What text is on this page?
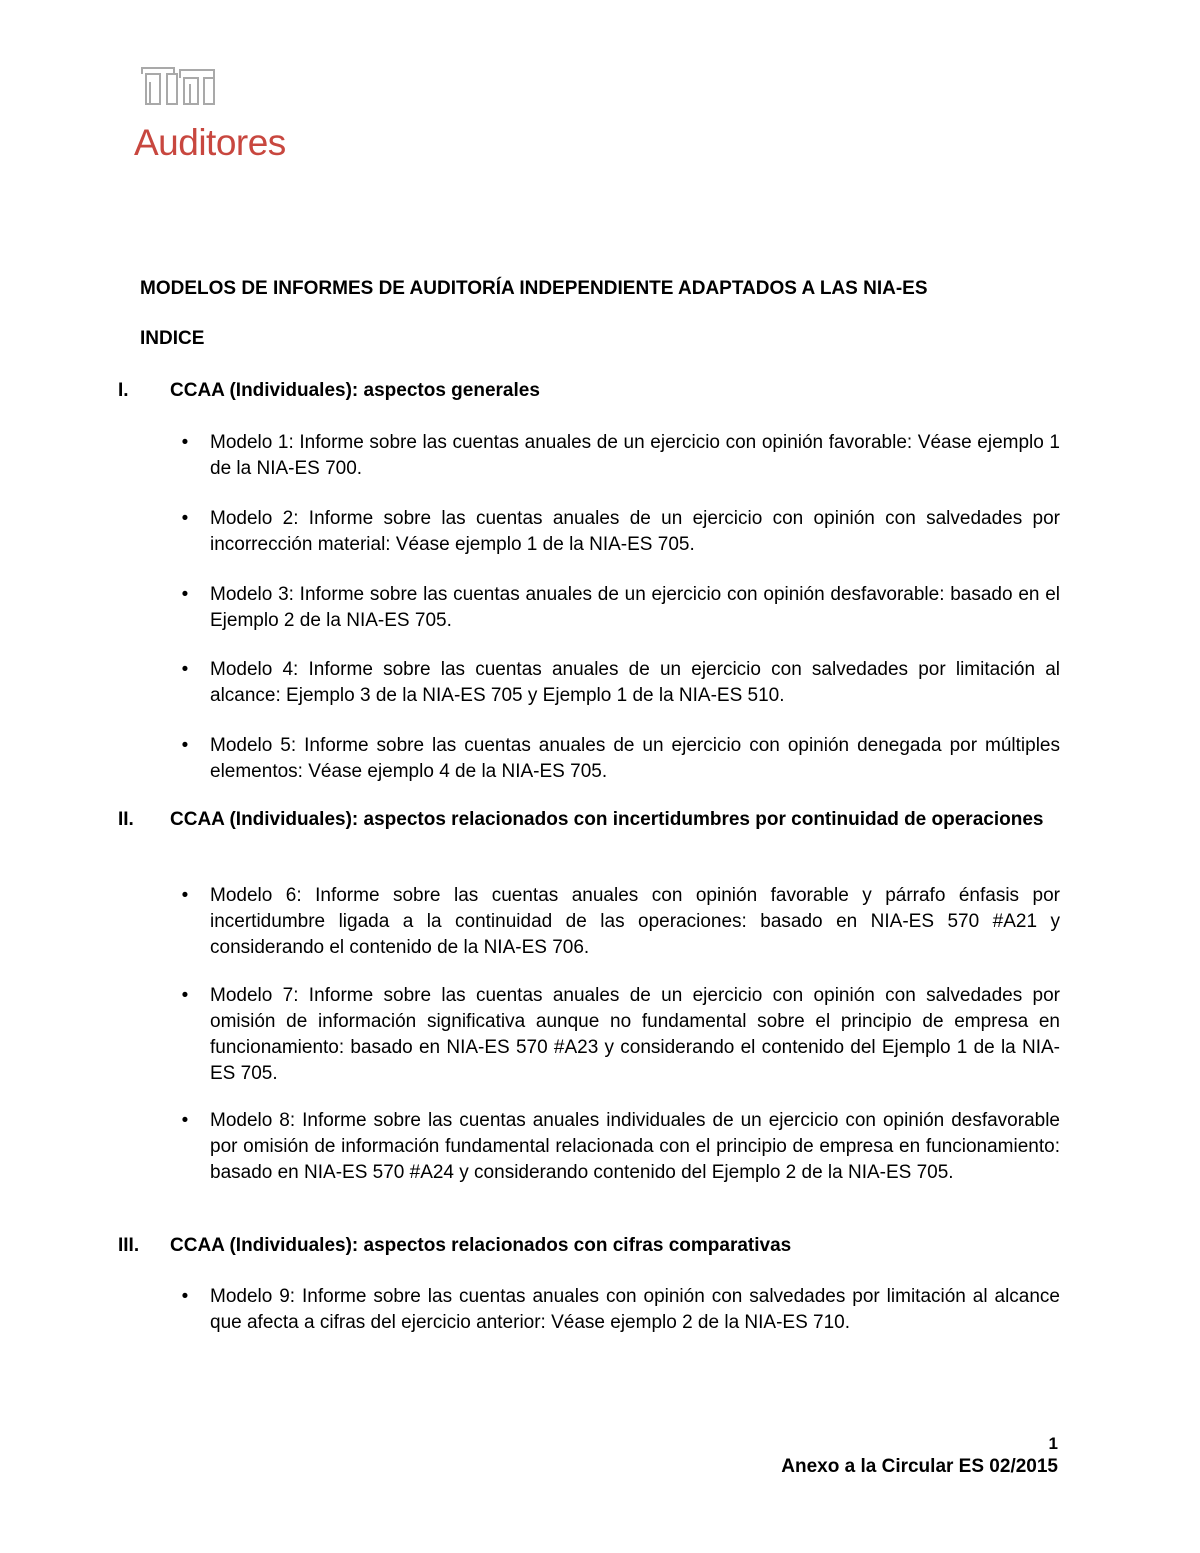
Auditores
MODELOS DE INFORMES DE AUDITORÍA INDEPENDIENTE ADAPTADOS A LAS NIA-ES
INDICE
I. CCAA (Individuales): aspectos generales
• Modelo 1: Informe sobre las cuentas anuales de un ejercicio con opinión favorable: Véase ejemplo 1 de la NIA-ES 700.
• Modelo 2: Informe sobre las cuentas anuales de un ejercicio con opinión con salvedades por incorrección material: Véase ejemplo 1 de la NIA-ES 705.
• Modelo 3: Informe sobre las cuentas anuales de un ejercicio con opinión desfavorable: basado en el Ejemplo 2 de la NIA-ES 705.
• Modelo 4: Informe sobre las cuentas anuales de un ejercicio con salvedades por limitación al alcance: Ejemplo 3 de la NIA-ES 705 y Ejemplo 1 de la NIA-ES 510.
• Modelo 5: Informe sobre las cuentas anuales de un ejercicio con opinión denegada por múltiples elementos: Véase ejemplo 4 de la NIA-ES 705.
II. CCAA (Individuales): aspectos relacionados con incertidumbres por continuidad de operaciones
• Modelo 6: Informe sobre las cuentas anuales con opinión favorable y párrafo énfasis por incertidumbre ligada a la continuidad de las operaciones: basado en NIA-ES 570 #A21 y considerando el contenido de la NIA-ES 706.
• Modelo 7: Informe sobre las cuentas anuales de un ejercicio con opinión con salvedades por omisión de información significativa aunque no fundamental sobre el principio de empresa en funcionamiento: basado en NIA-ES 570 #A23 y considerando el contenido del Ejemplo 1 de la NIA-ES 705.
• Modelo 8: Informe sobre las cuentas anuales individuales de un ejercicio con opinión desfavorable por omisión de información fundamental relacionada con el principio de empresa en funcionamiento: basado en NIA-ES 570 #A24 y considerando contenido del Ejemplo 2 de la NIA-ES 705.
III. CCAA (Individuales): aspectos relacionados con cifras comparativas
• Modelo 9: Informe sobre las cuentas anuales con opinión con salvedades por limitación al alcance que afecta a cifras del ejercicio anterior: Véase ejemplo 2 de la NIA-ES 710.
1
Anexo a la Circular ES 02/2015
